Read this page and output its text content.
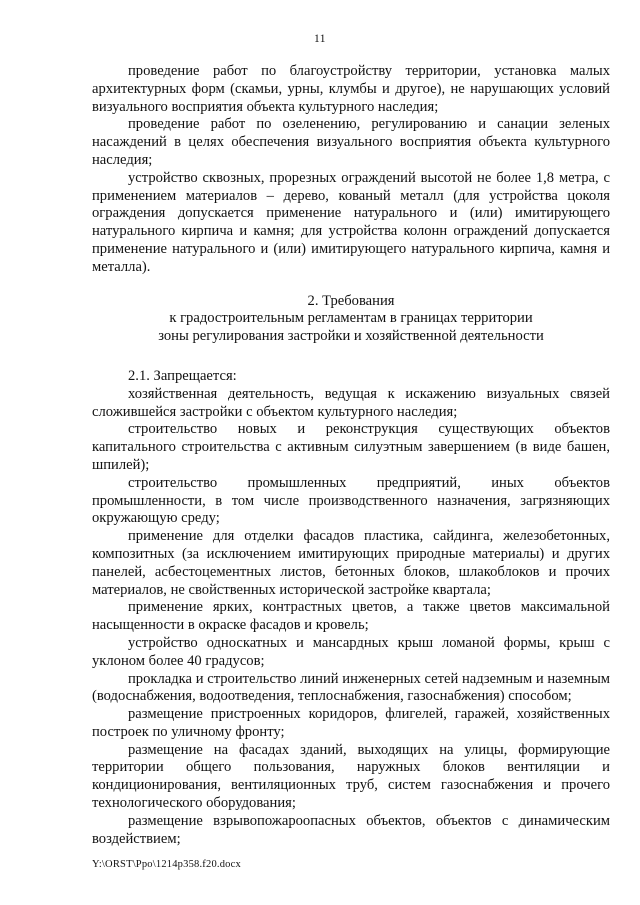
11

проведение работ по благоустройству территории, установка малых архитектурных форм (скамьи, урны, клумбы и другое), не нарушающих условий визуального восприятия объекта культурного наследия;

проведение работ по озеленению, регулированию и санации зеленых насаждений в целях обеспечения визуального восприятия объекта культурного наследия;

устройство сквозных, прорезных ограждений высотой не более 1,8 метра, с применением материалов – дерево, кованый металл (для устройства цоколя ограждения допускается применение натурального и (или) имитирующего натурального кирпича и камня; для устройства колонн ограждений допускается применение натурального и (или) имитирующего натурального кирпича, камня и металла).

2. Требования

к градостроительным регламентам в границах территории

зоны регулирования застройки и хозяйственной деятельности

2.1. Запрещается:

хозяйственная деятельность, ведущая к искажению визуальных связей сложившейся застройки с объектом культурного наследия;

строительство новых и реконструкция существующих объектов капитального строительства с активным силуэтным завершением (в виде башен, шпилей);

строительство промышленных предприятий, иных объектов промышленности, в том числе производственного назначения, загрязняющих окружающую среду;

применение для отделки фасадов пластика, сайдинга, железобетонных, композитных (за исключением имитирующих природные материалы) и других панелей, асбестоцементных листов, бетонных блоков, шлакоблоков и прочих материалов, не свойственных исторической застройке квартала;

применение ярких, контрастных цветов, а также цветов максимальной насыщенности в окраске фасадов и кровель;

устройство односкатных и мансардных крыш ломаной формы, крыш с уклоном более 40 градусов;

прокладка и строительство линий инженерных сетей надземным и наземным (водоснабжения, водоотведения, теплоснабжения, газоснабжения) способом;

размещение пристроенных коридоров, флигелей, гаражей, хозяйственных построек по уличному фронту;

размещение на фасадах зданий, выходящих на улицы, формирующие территории общего пользования, наружных блоков вентиляции и кондиционирования, вентиляционных труб, систем газоснабжения и прочего технологического оборудования;

размещение взрывопожароопасных объектов, объектов с динамическим воздействием;

Y:\ORST\Ppo\1214p358.f20.docx
